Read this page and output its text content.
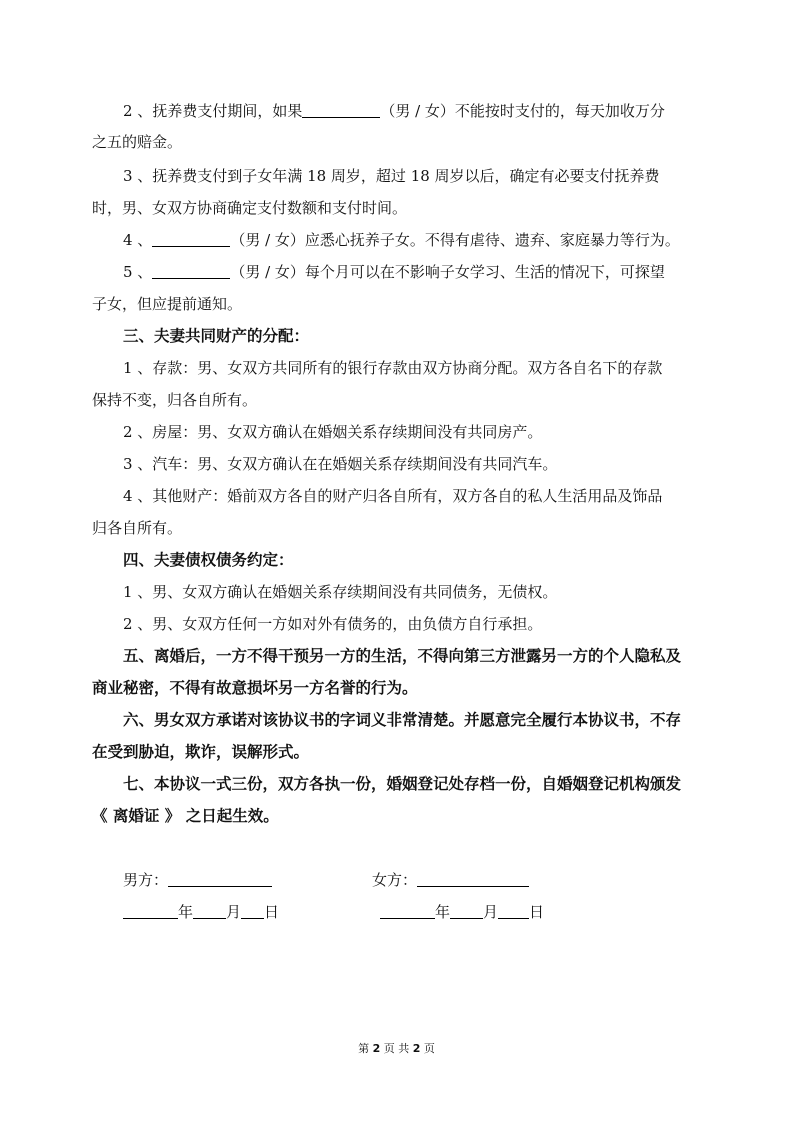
2 、抚养费支付期间，如果	（男 / 女）不能按时支付的，每天加收万分
之五的赔金。
3 、抚养费支付到子女年满 18 周岁，超过 18 周岁以后，确定有必要支付抚养费
时，男、女双方协商确定支付数额和支付时间。
4 、	（男 / 女）应悉心抚养子女。不得有虐待、遗弃、家庭暴力等行为。
5 、	（男 / 女）每个月可以在不影响子女学习、生活的情况下，可探望
子女，但应提前通知。
三、夫妻共同财产的分配：
1 、存款：男、女双方共同所有的银行存款由双方协商分配。双方各自名下的存款
保持不变，归各自所有。
2 、房屋：男、女双方确认在婚姻关系存续期间没有共同房产。
3 、汽车：男、女双方确认在在婚姻关系存续期间没有共同汽车。
4 、其他财产：婚前双方各自的财产归各自所有，双方各自的私人生活用品及饰品
归各自所有。
四、夫妻债权债务约定：
1 、男、女双方确认在婚姻关系存续期间没有共同债务，无债权。
2 、男、女双方任何一方如对外有债务的，由负债方自行承担。
五、离婚后，一方不得干预另一方的生活，不得向第三方泄露另一方的个人隐私及
商业秘密，不得有故意损坏另一方名誉的行为。
六、男女双方承诺对该协议书的字词义非常清楚。并愿意完全履行本协议书，不存
在受到胁迫，欺诈，误解形式。
七、本协议一式三份，双方各执一份，婚姻登记处存档一份，自婚姻登记机构颁发
《 离婚证 》 之日起生效。
男方：	女方：
年 月 日	年 月 日
第 2 页 共 2 页
